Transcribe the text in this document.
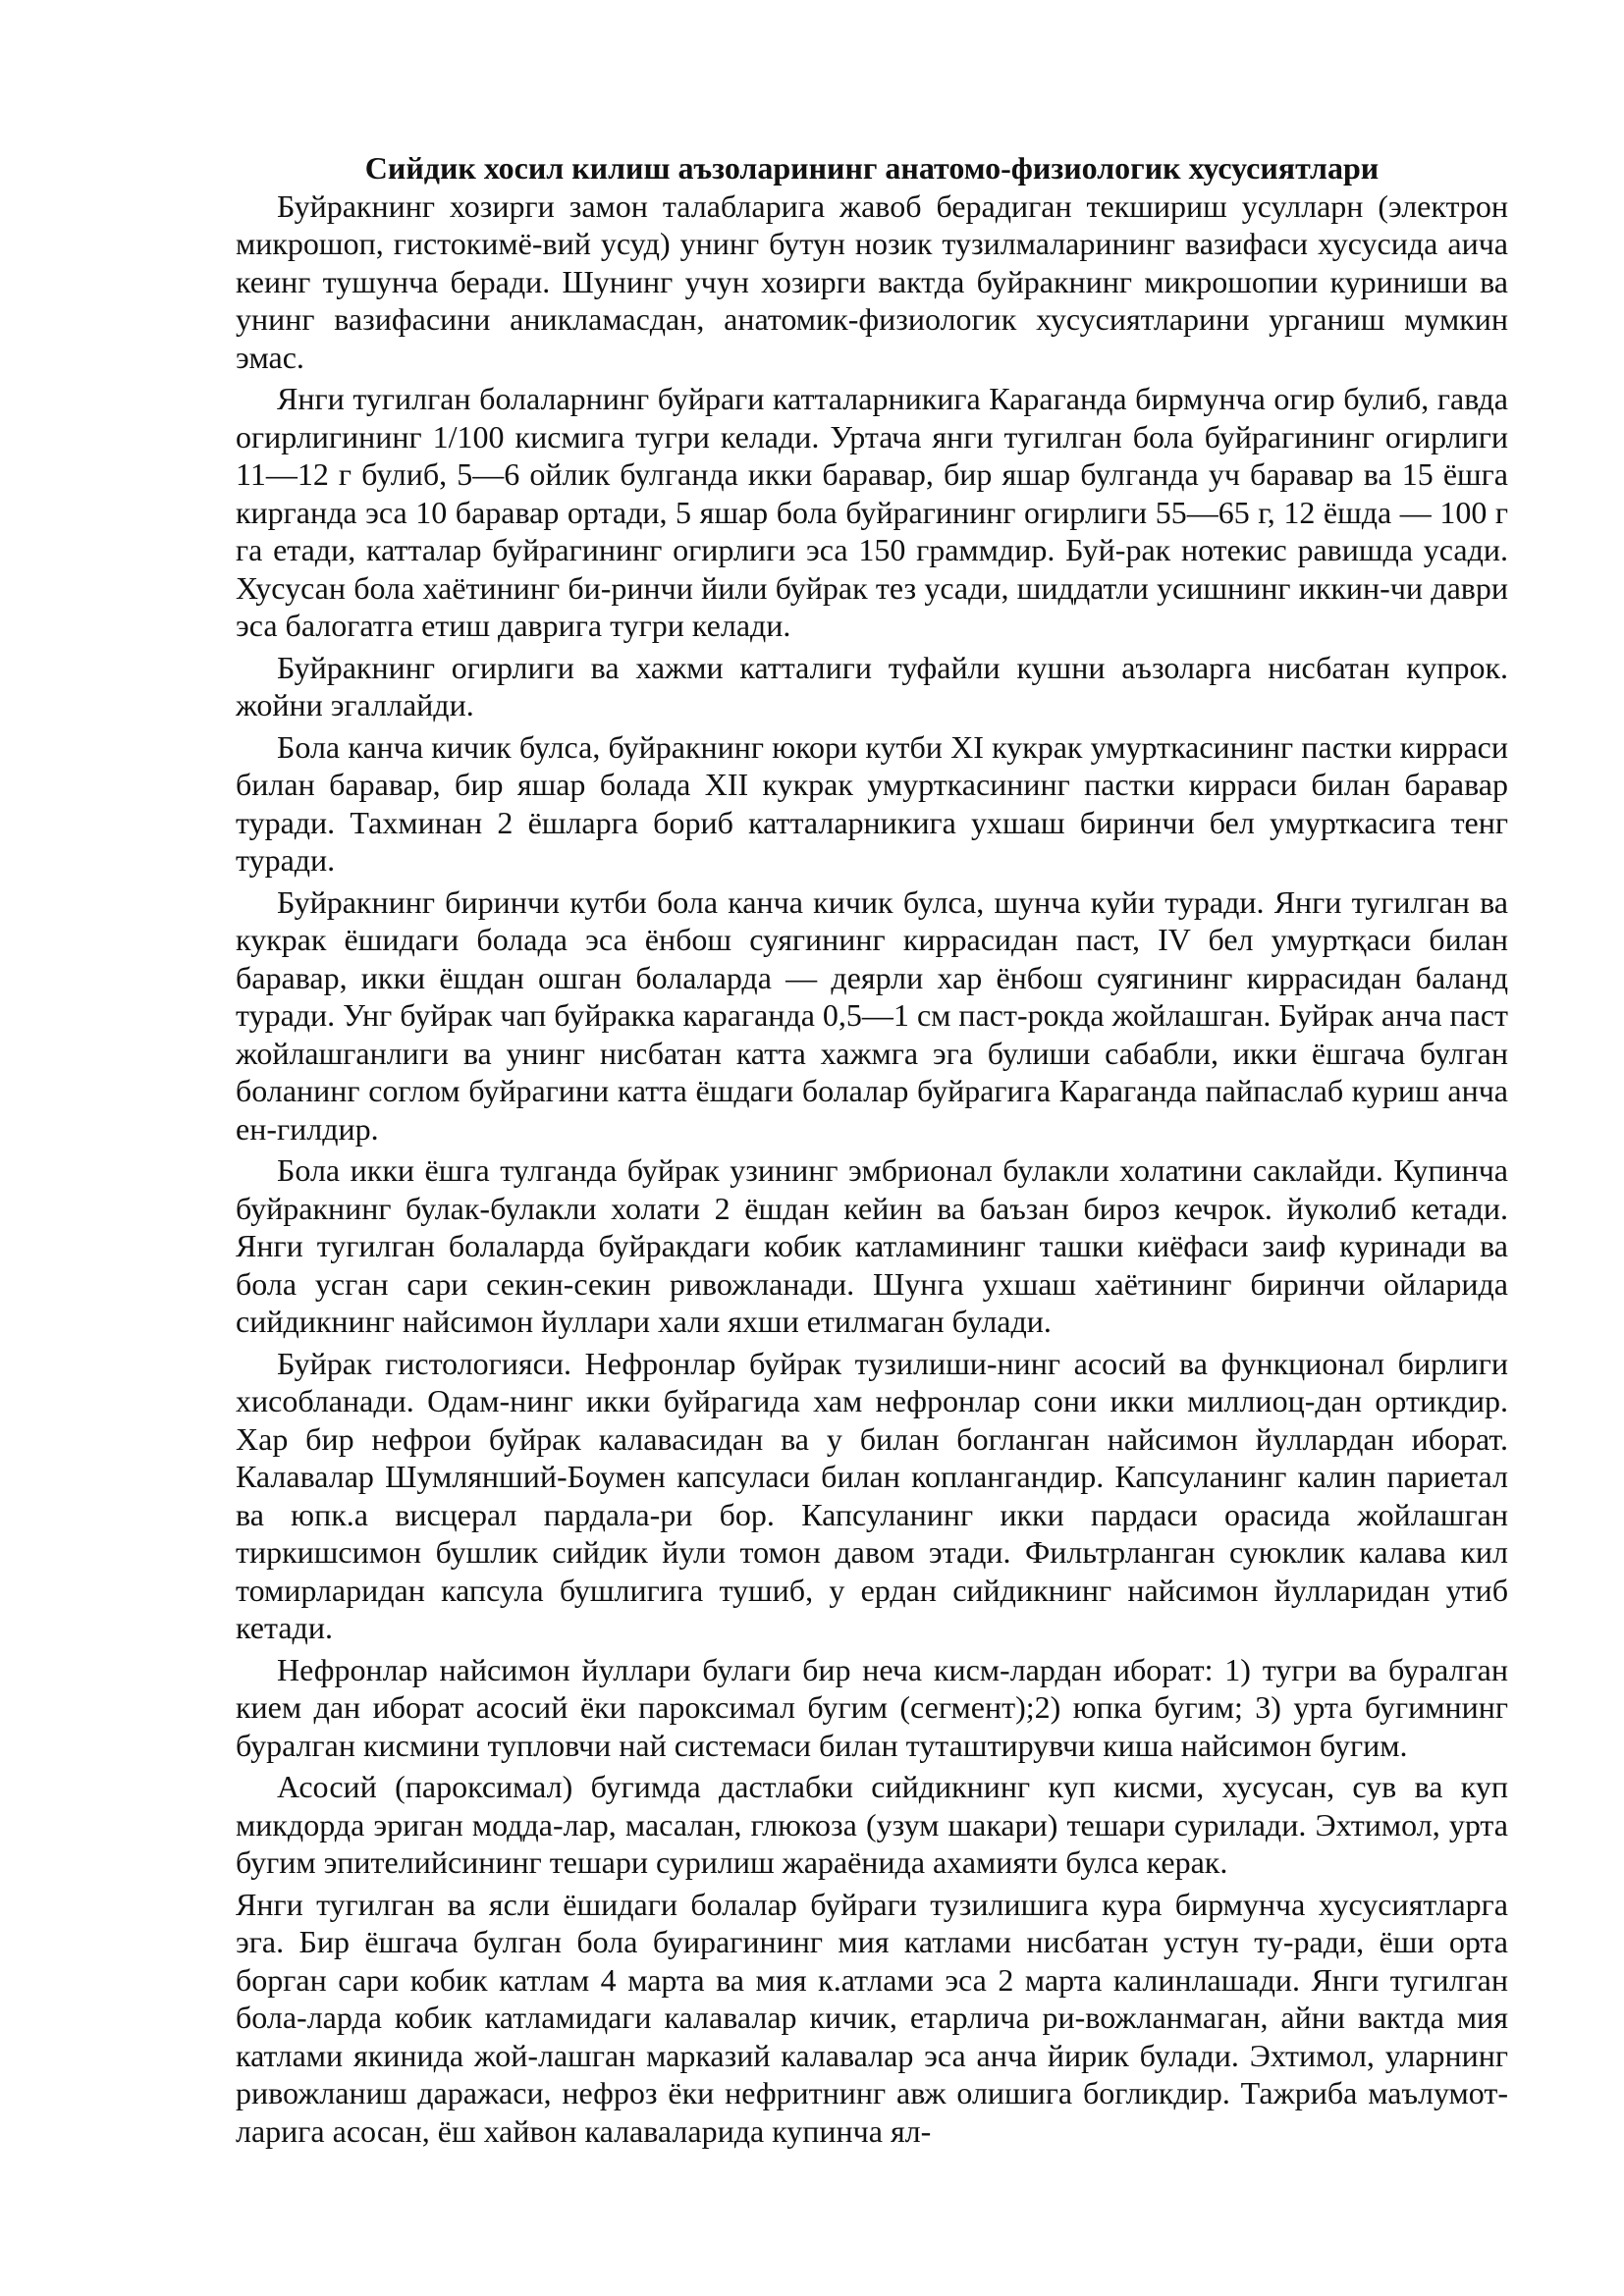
Сийдик хосил килиш аъзоларининг анатомо-физиологик хусусиятлари

Буйракнинг хозирги замон талабларига жавоб берадиган текшириш усулларн (электрон микрошоп, гистокимё-вий усуд) унинг бутун нозик тузилмаларининг вазифаси хусусида аича кеинг тушунча беради. Шунинг учун хозирги вактда буйракнинг микрошопии куриниши ва унинг вазифасини аникламасдан, анатомик-физиологик хусусиятларини урганиш мумкин эмас.

Янги тугилган болаларнинг буйраги катталарникига Караганда бирмунча огир булиб, гавда огирлигининг 1/100 кисмига тугри келади. Уртача янги тугилган бола буйрагининг огирлиги 11—12 г булиб, 5—6 ойлик булганда икки баравар, бир яшар булганда уч баравар ва 15 ёшга кирганда эса 10 баравар ортади, 5 яшар бола буйрагининг огирлиги 55—65 г, 12 ёшда — 100 г га етади, катталар буйрагининг огирлиги эса 150 граммдир. Буй-рак нотекис равишда усади. Хусусан бола хаётининг би-ринчи йили буйрак тез усади, шиддатли усишнинг иккин-чи даври эса балогатга етиш даврига тугри келади.

Буйракнинг огирлиги ва хажми катталиги туфайли кушни аъзоларга нисбатан купрок. жойни эгаллайди.

Бола канча кичик булса, буйракнинг юкори кутби XI кукрак умурткасининг пастки кирраси билан баравар, бир яшар болада XII кукрак умурткасининг пастки кирраси билан баравар туради. Тахминан 2 ёшларга бориб катталарникига ухшаш биринчи бел умурткасига тенг туради.

Буйракнинг биринчи кутби бола канча кичик булса, шунча куйи туради. Янги тугилган ва кукрак ёшидаги болада эса ёнбош суягининг киррасидан паст, IV бел умуртқаси билан баравар, икки ёшдан ошган болаларда — деярли хар ёнбош суягининг киррасидан баланд туради. Унг буйрак чап буйракка караганда 0,5—1 см паст-рокда жойлашган. Буйрак анча паст жойлашганлиги ва унинг нисбатан катта хажмга эга булиши сабабли, икки ёшгача булган боланинг соглом буйрагини катта ёшдаги болалар буйрагига Караганда пайпаслаб куриш анча ен-гилдир.

Бола икки ёшга тулганда буйрак узининг эмбрионал булакли холатини саклайди. Купинча буйракнинг булак-булакли холати 2 ёшдан кейин ва баъзан бироз кечрок. йуколиб кетади. Янги тугилган болаларда буйракдаги кобик катламининг ташки киёфаси заиф куринади ва бола усган сари секин-секин ривожланади. Шунга ухшаш хаётининг биринчи ойларида сийдикнинг найсимон йуллари хали яхши етилмаган булади.

Буйрак гистологияси. Нефронлар буйрак тузилиши-нинг асосий ва функционал бирлиги хисобланади. Одам-нинг икки буйрагида хам нефронлар сони икки миллиоц-дан ортикдир. Хар бир нефрои буйрак калавасидан ва у билан богланган найсимон йуллардан иборат. Калавалар Шумлянший-Боумен капсуласи билан коплангандир. Капсуланинг калин париетал ва юпк.а висцерал пардала-ри бор. Капсуланинг икки пардаси орасида жойлашган тиркишсимон бушлик сийдик йули томон давом этади. Фильтрланган суюклик калава кил томирларидан капсула бушлигига тушиб, у ердан сийдикнинг найсимон йулларидан утиб кетади.

Нефронлар найсимон йуллари булаги бир неча кисм-лардан иборат: 1) тугри ва буралган кием дан иборат асосий ёки пароксимал бугим (сегмент);2) юпка бугим; 3) урта бугимнинг буралган кисмини тупловчи най системаси билан туташтирувчи киша найсимон бугим.

Асосий (пароксимал) бугимда дастлабки сийдикнинг куп кисми, хусусан, сув ва куп микдорда эриган модда-лар, масалан, глюкоза (узум шакари) тешари сурилади. Эхтимол, урта бугим эпителийсининг тешари сурилиш жараёнида ахамияти булса керак.

Янги тугилган ва ясли ёшидаги болалар буйраги тузилишига кура бирмунча хусусиятларга эга. Бир ёшгача булган бола буирагининг мия катлами нисбатан устун ту-ради, ёши орта борган сари кобик катлам 4 марта ва мия к.атлами эса 2 марта калинлашади. Янги тугилган бола-ларда кобик катламидаги калавалар кичик, етарлича ри-вожланмаган, айни вактда мия катлами якинида жой-лашган марказий калавалар эса анча йирик булади. Эхтимол, уларнинг ривожланиш даражаси, нефроз ёки нефритнинг авж олишига богликдир. Тажриба маълумот-ларига асосан, ёш хайвон калаваларида купинча ял-
